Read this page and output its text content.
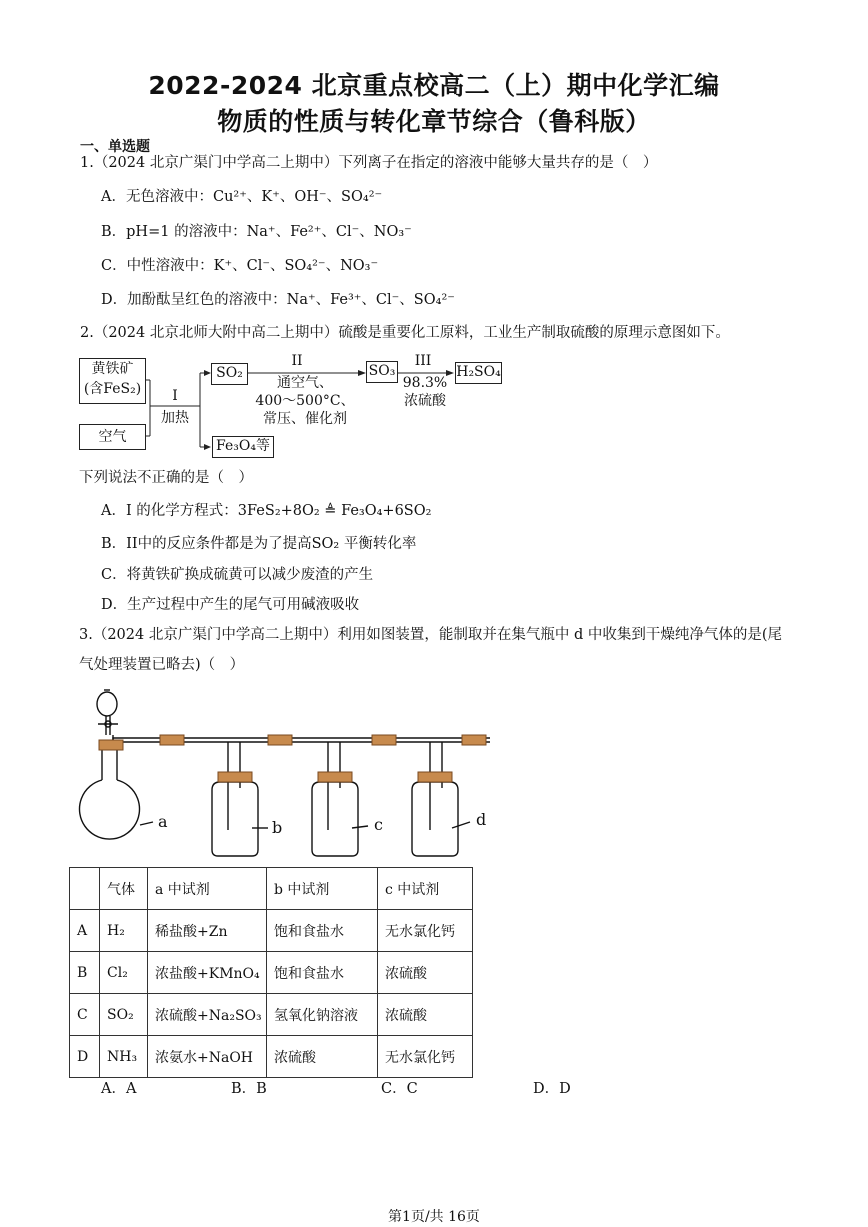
2022-2024 北京重点校高二（上）期中化学汇编
物质的性质与转化章节综合（鲁科版）
一、单选题
1.（2024 北京广渠门中学高二上期中）下列离子在指定的溶液中能够大量共存的是（　）
A．无色溶液中：Cu²⁺、K⁺、OH⁻、SO₄²⁻
B．pH=1 的溶液中：Na⁺、Fe²⁺、Cl⁻、NO₃⁻
C．中性溶液中：K⁺、Cl⁻、SO₄²⁻、NO₃⁻
D．加酚酞呈红色的溶液中：Na⁺、Fe³⁺、Cl⁻、SO₄²⁻
2.（2024 北京北师大附中高二上期中）硫酸是重要化工原料，工业生产制取硫酸的原理示意图如下。
黄铁矿
(含FeS₂)
空气
I
加热
SO₂
II
通空气、
400～500°C、
常压、催化剂
SO₃
III
98.3%
浓硫酸
H₂SO₄
Fe₃O₄等
下列说法不正确的是（　）
A．I 的化学方程式：3FeS₂+8O₂ ≜ Fe₃O₄+6SO₂
B．II中的反应条件都是为了提高SO₂ 平衡转化率
C．将黄铁矿换成硫黄可以减少废渣的产生
D．生产过程中产生的尾气可用碱液吸收
3.（2024 北京广渠门中学高二上期中）利用如图装置，能制取并在集气瓶中 d 中收集到干燥纯净气体的是(尾
气处理装置已略去)（　）
a	b	c	d
	气体	a 中试剂	b 中试剂	c 中试剂
A	H₂	稀盐酸+Zn	饱和食盐水	无水氯化钙
B	Cl₂	浓盐酸+KMnO₄	饱和食盐水	浓硫酸
C	SO₂	浓硫酸+Na₂SO₃	氢氧化钠溶液	浓硫酸
D	NH₃	浓氨水+NaOH	浓硫酸	无水氯化钙
A．A	B．B	C．C	D．D
第1页/共 16页
